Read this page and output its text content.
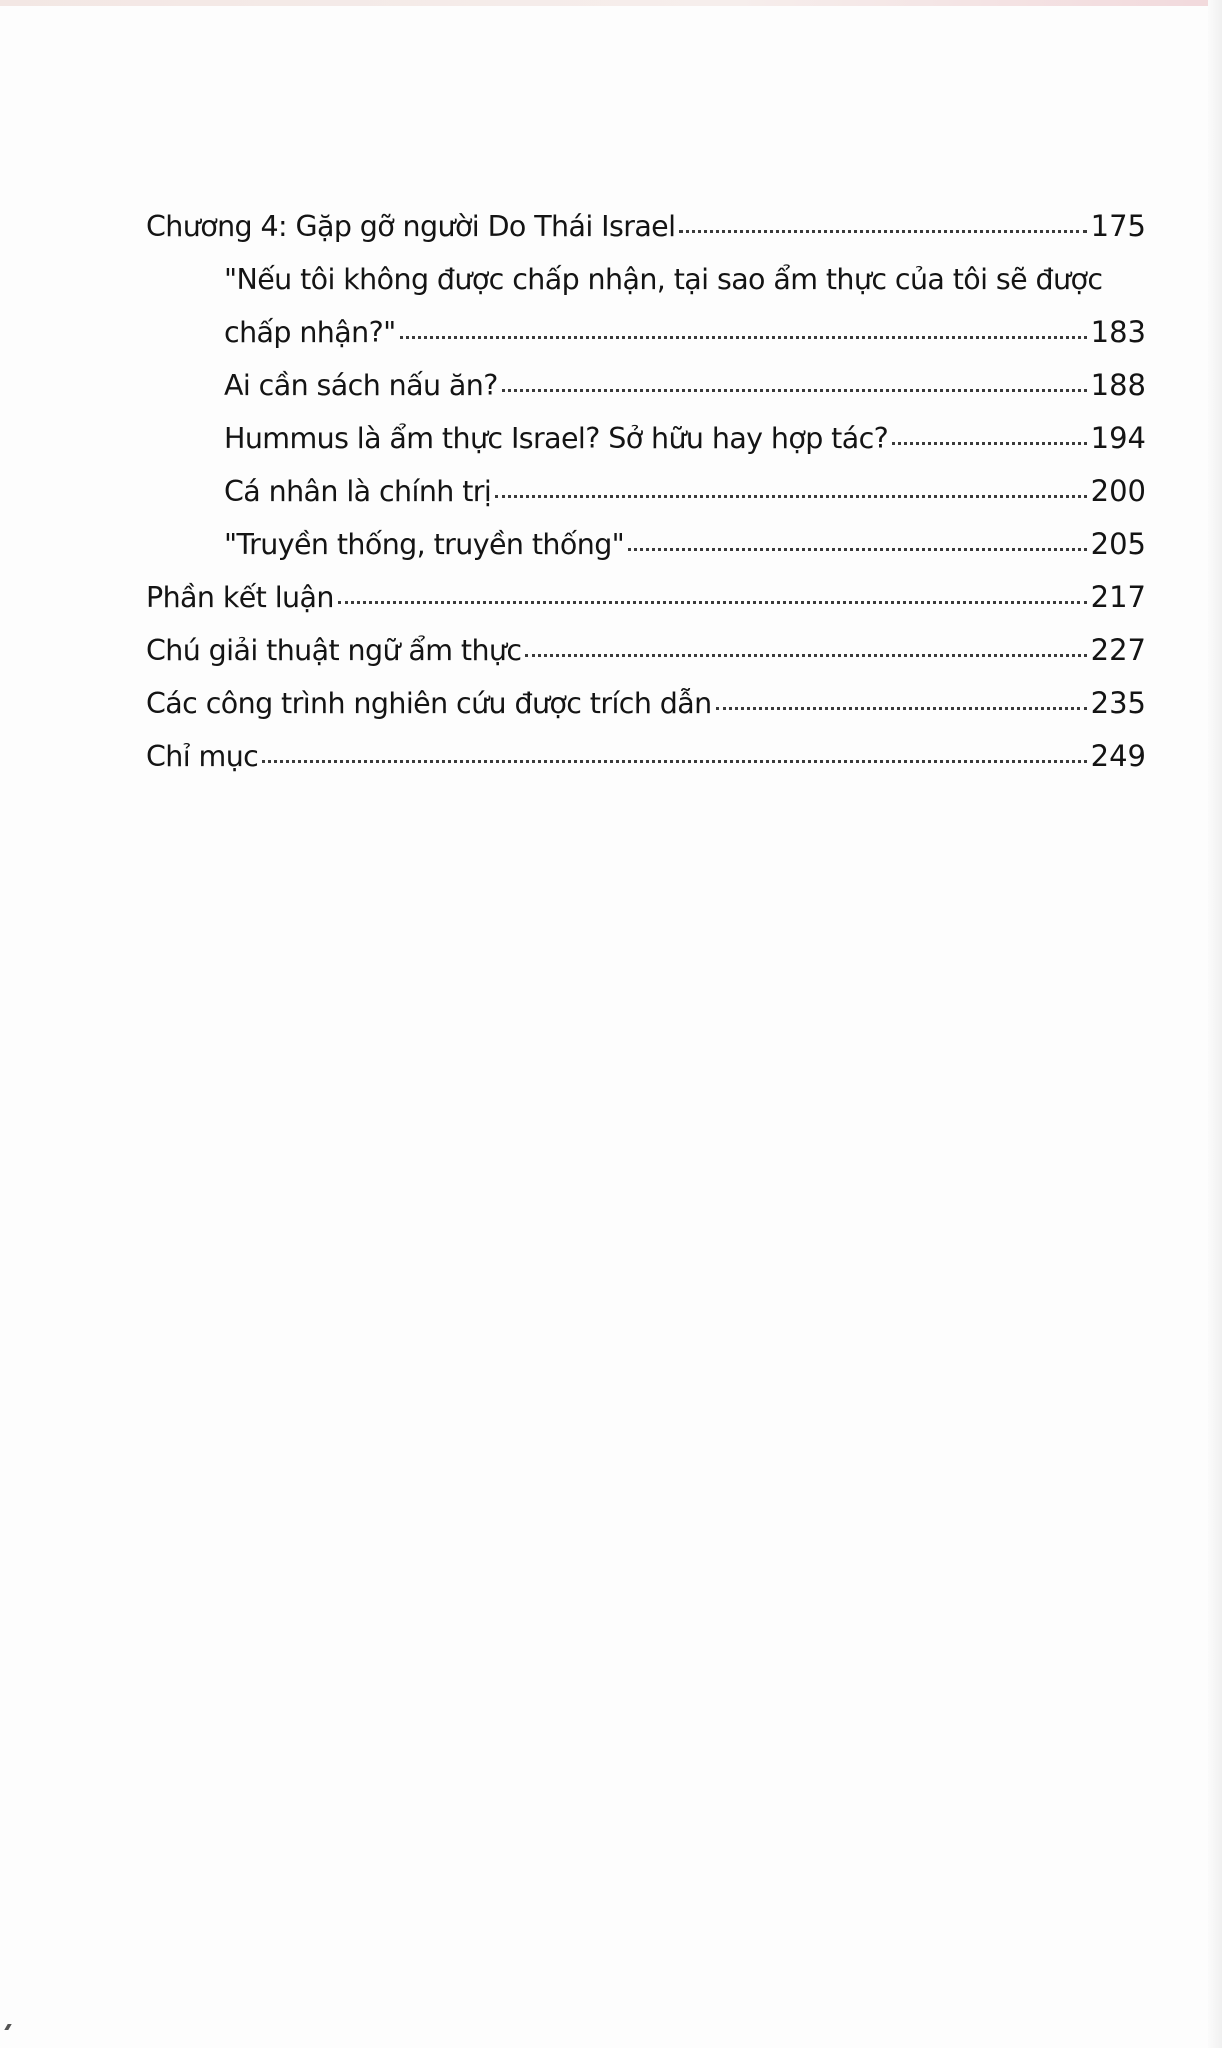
Chương 4: Gặp gỡ người Do Thái Israel	175
"Nếu tôi không được chấp nhận, tại sao ẩm thực của tôi sẽ được
chấp nhận?"	183
Ai cần sách nấu ăn?	188
Hummus là ẩm thực Israel? Sở hữu hay hợp tác?	194
Cá nhân là chính trị	200
"Truyền thống, truyền thống"	205
Phần kết luận	217
Chú giải thuật ngữ ẩm thực	227
Các công trình nghiên cứu được trích dẫn	235
Chỉ mục	249
